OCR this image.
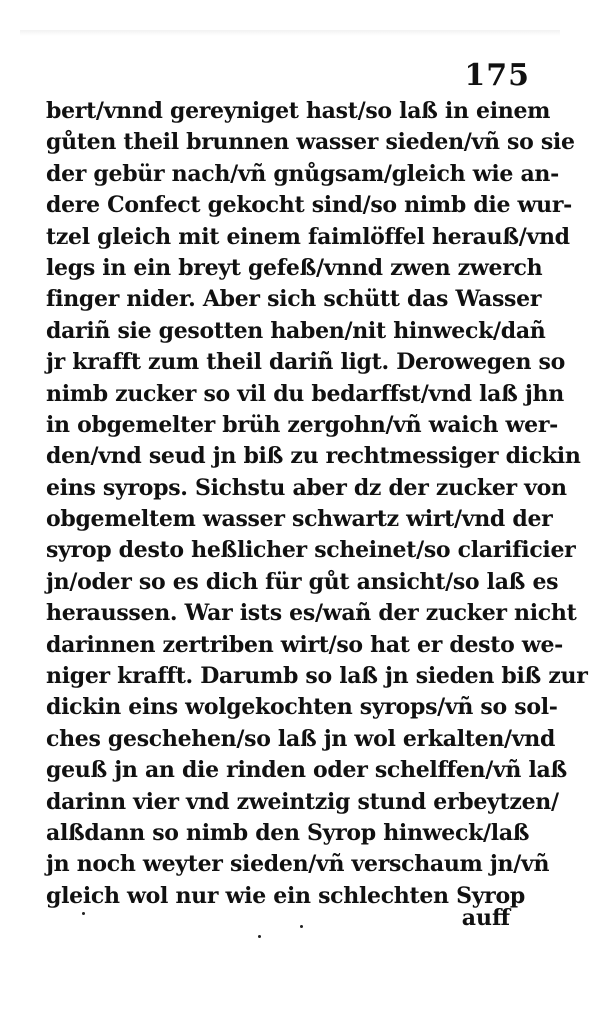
175
bert/vnnd gereyniget hast/so laß in einem
gůten theil brunnen wasser sieden/vñ so sie
der gebür nach/vñ gnůgsam/gleich wie an-
dere Confect gekocht sind/so nimb die wur-
tzel gleich mit einem faimlöffel herauß/vnd
legs in ein breyt gefeß/vnnd zwen zwerch
finger nider. Aber sich schütt das Wasser
dariñ sie gesotten haben/nit hinweck/dañ
jr krafft zum theil dariñ ligt. Derowegen so
nimb zucker so vil du bedarffst/vnd laß jhn
in obgemelter brüh zergohn/vñ waich wer-
den/vnd seud jn biß zu rechtmessiger dickin
eins syrops. Sichstu aber dz der zucker von
obgemeltem wasser schwartz wirt/vnd der
syrop desto heßlicher scheinet/so clarificier
jn/oder so es dich für gůt ansicht/so laß es
heraussen. War ists es/wañ der zucker nicht
darinnen zertriben wirt/so hat er desto we-
niger krafft. Darumb so laß jn sieden biß zur
dickin eins wolgekochten syrops/vñ so sol-
ches geschehen/so laß jn wol erkalten/vnd
geuß jn an die rinden oder schelffen/vñ laß
darinn vier vnd zweintzig stund erbeytzen/
alßdann so nimb den Syrop hinweck/laß
jn noch weyter sieden/vñ verschaum jn/vñ
gleich wol nur wie ein schlechten Syrop
auff
